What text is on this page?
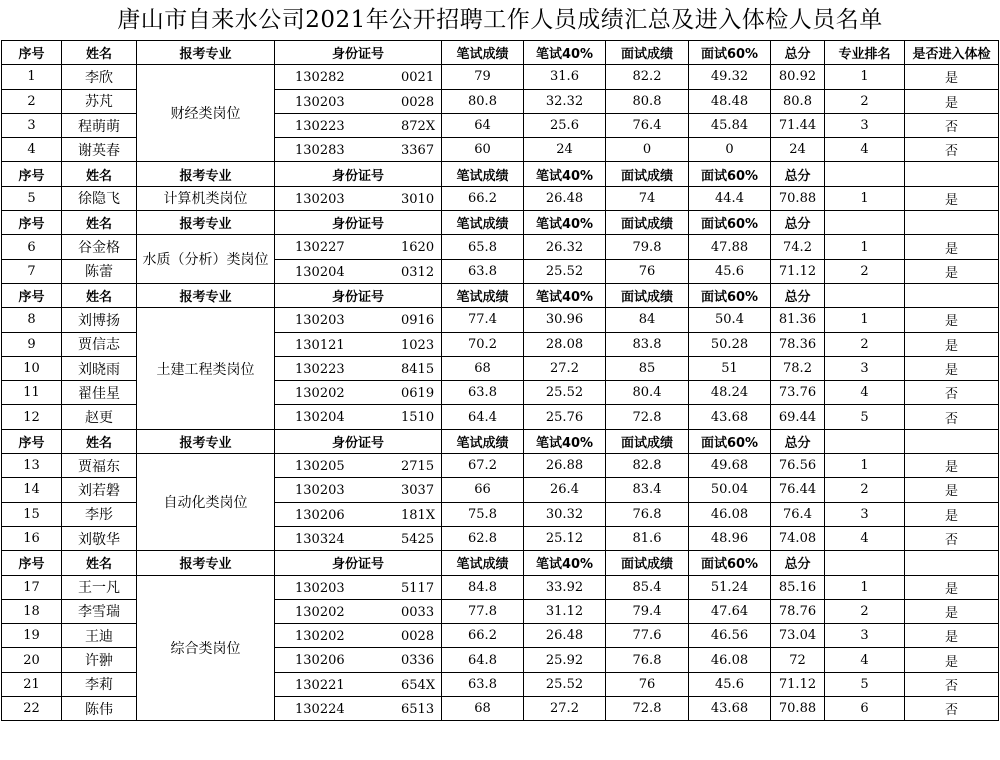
唐山市自来水公司2021年公开招聘工作人员成绩汇总及进入体检人员名单
序号	姓名	报考专业	身份证号	笔试成绩	笔试40%	面试成绩	面试60%	总分	专业排名	是否进入体检
1	李欣	财经类岗位	130282 0021	79	31.6	82.2	49.32	80.92	1	是
2	苏芃		130203 0028	80.8	32.32	80.8	48.48	80.8	2	是
3	程萌萌		130223 872X	64	25.6	76.4	45.84	71.44	3	否
4	谢英春		130283 3367	60	24	0	0	24	4	否
序号	姓名	报考专业	身份证号	笔试成绩	笔试40%	面试成绩	面试60%	总分		
5	徐隐飞	计算机类岗位	130203 3010	66.2	26.48	74	44.4	70.88	1	是
序号	姓名	报考专业	身份证号	笔试成绩	笔试40%	面试成绩	面试60%	总分		
6	谷金格	水质（分析）类岗位	130227 1620	65.8	26.32	79.8	47.88	74.2	1	是
7	陈蕾		130204 0312	63.8	25.52	76	45.6	71.12	2	是
序号	姓名	报考专业	身份证号	笔试成绩	笔试40%	面试成绩	面试60%	总分		
8	刘博扬	土建工程类岗位	130203 0916	77.4	30.96	84	50.4	81.36	1	是
9	贾信志		130121 1023	70.2	28.08	83.8	50.28	78.36	2	是
10	刘晓雨		130223 8415	68	27.2	85	51	78.2	3	是
11	翟佳星		130202 0619	63.8	25.52	80.4	48.24	73.76	4	否
12	赵更		130204 1510	64.4	25.76	72.8	43.68	69.44	5	否
序号	姓名	报考专业	身份证号	笔试成绩	笔试40%	面试成绩	面试60%	总分		
13	贾福东	自动化类岗位	130205 2715	67.2	26.88	82.8	49.68	76.56	1	是
14	刘若磐		130203 3037	66	26.4	83.4	50.04	76.44	2	是
15	李彤		130206 181X	75.8	30.32	76.8	46.08	76.4	3	是
16	刘敬华		130324 5425	62.8	25.12	81.6	48.96	74.08	4	否
序号	姓名	报考专业	身份证号	笔试成绩	笔试40%	面试成绩	面试60%	总分		
17	王一凡	综合类岗位	130203 5117	84.8	33.92	85.4	51.24	85.16	1	是
18	李雪瑞		130202 0033	77.8	31.12	79.4	47.64	78.76	2	是
19	王迪		130202 0028	66.2	26.48	77.6	46.56	73.04	3	是
20	许翀		130206 0336	64.8	25.92	76.8	46.08	72	4	是
21	李莉		130221 654X	63.8	25.52	76	45.6	71.12	5	否
22	陈伟		130224 6513	68	27.2	72.8	43.68	70.88	6	否
